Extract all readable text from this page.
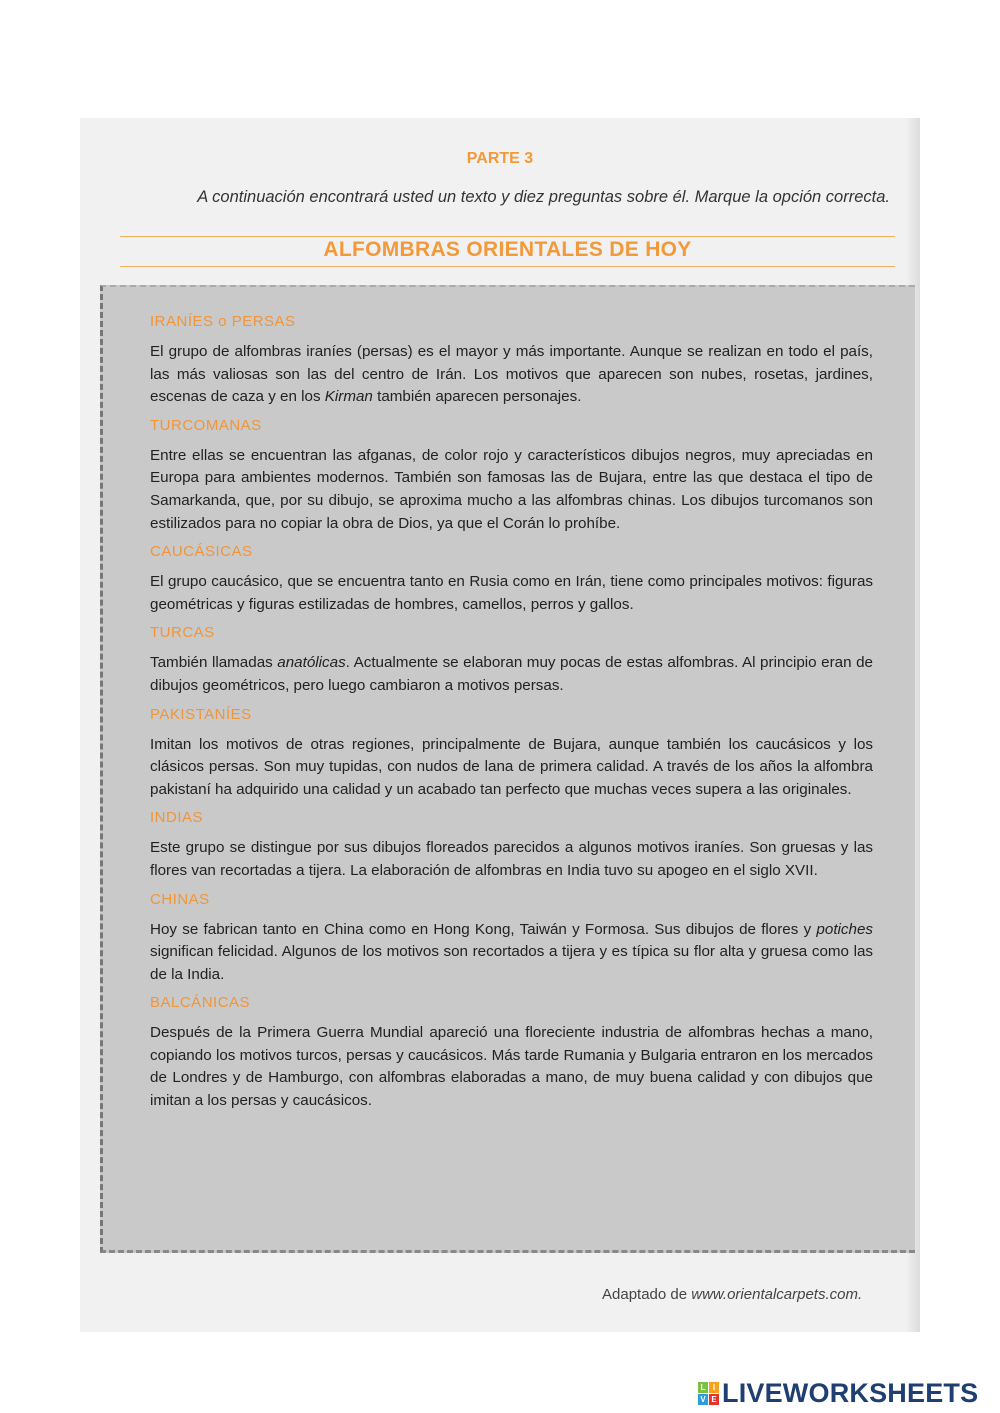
PARTE 3
A continuación encontrará usted un texto y diez preguntas sobre él. Marque la opción correcta.
ALFOMBRAS ORIENTALES DE HOY
IRANÍES o PERSAS

El grupo de alfombras iraníes (persas) es el mayor y más importante. Aunque se realizan en todo el país, las más valiosas son las del centro de Irán. Los motivos que aparecen son nubes, rosetas, jardines, escenas de caza y en los Kirman también aparecen personajes.

TURCOMANAS

Entre ellas se encuentran las afganas, de color rojo y característicos dibujos negros, muy apreciadas en Europa para ambientes modernos. También son famosas las de Bujara, entre las que destaca el tipo de Samarkanda, que, por su dibujo, se aproxima mucho a las alfombras chinas. Los dibujos turcomanos son estilizados para no copiar la obra de Dios, ya que el Corán lo prohíbe.

CAUCÁSICAS

El grupo caucásico, que se encuentra tanto en Rusia como en Irán, tiene como principales motivos: figuras geométricas y figuras estilizadas de hombres, camellos, perros y gallos.

TURCAS

También llamadas anatólicas. Actualmente se elaboran muy pocas de estas alfombras. Al principio eran de dibujos geométricos, pero luego cambiaron a motivos persas.

PAKISTANÍES

Imitan los motivos de otras regiones, principalmente de Bujara, aunque también los caucásicos y los clásicos persas. Son muy tupidas, con nudos de lana de primera calidad. A través de los años la alfombra pakistaní ha adquirido una calidad y un acabado tan perfecto que muchas veces supera a las originales.

INDIAS

Este grupo se distingue por sus dibujos floreados parecidos a algunos motivos iraníes. Son gruesas y las flores van recortadas a tijera. La elaboración de alfombras en India tuvo su apogeo en el siglo XVII.

CHINAS

Hoy se fabrican tanto en China como en Hong Kong, Taiwán y Formosa. Sus dibujos de flores y potiches significan felicidad. Algunos de los motivos son recortados a tijera y es típica su flor alta y gruesa como las de la India.

BALCÁNICAS

Después de la Primera Guerra Mundial apareció una floreciente industria de alfombras hechas a mano, copiando los motivos turcos, persas y caucásicos. Más tarde Rumania y Bulgaria entraron en los mercados de Londres y de Hamburgo, con alfombras elaboradas a mano, de muy buena calidad y con dibujos que imitan a los persas y caucásicos.

Adaptado de www.orientalcarpets.com.
L I
V E LIVEWORKSHEETS
